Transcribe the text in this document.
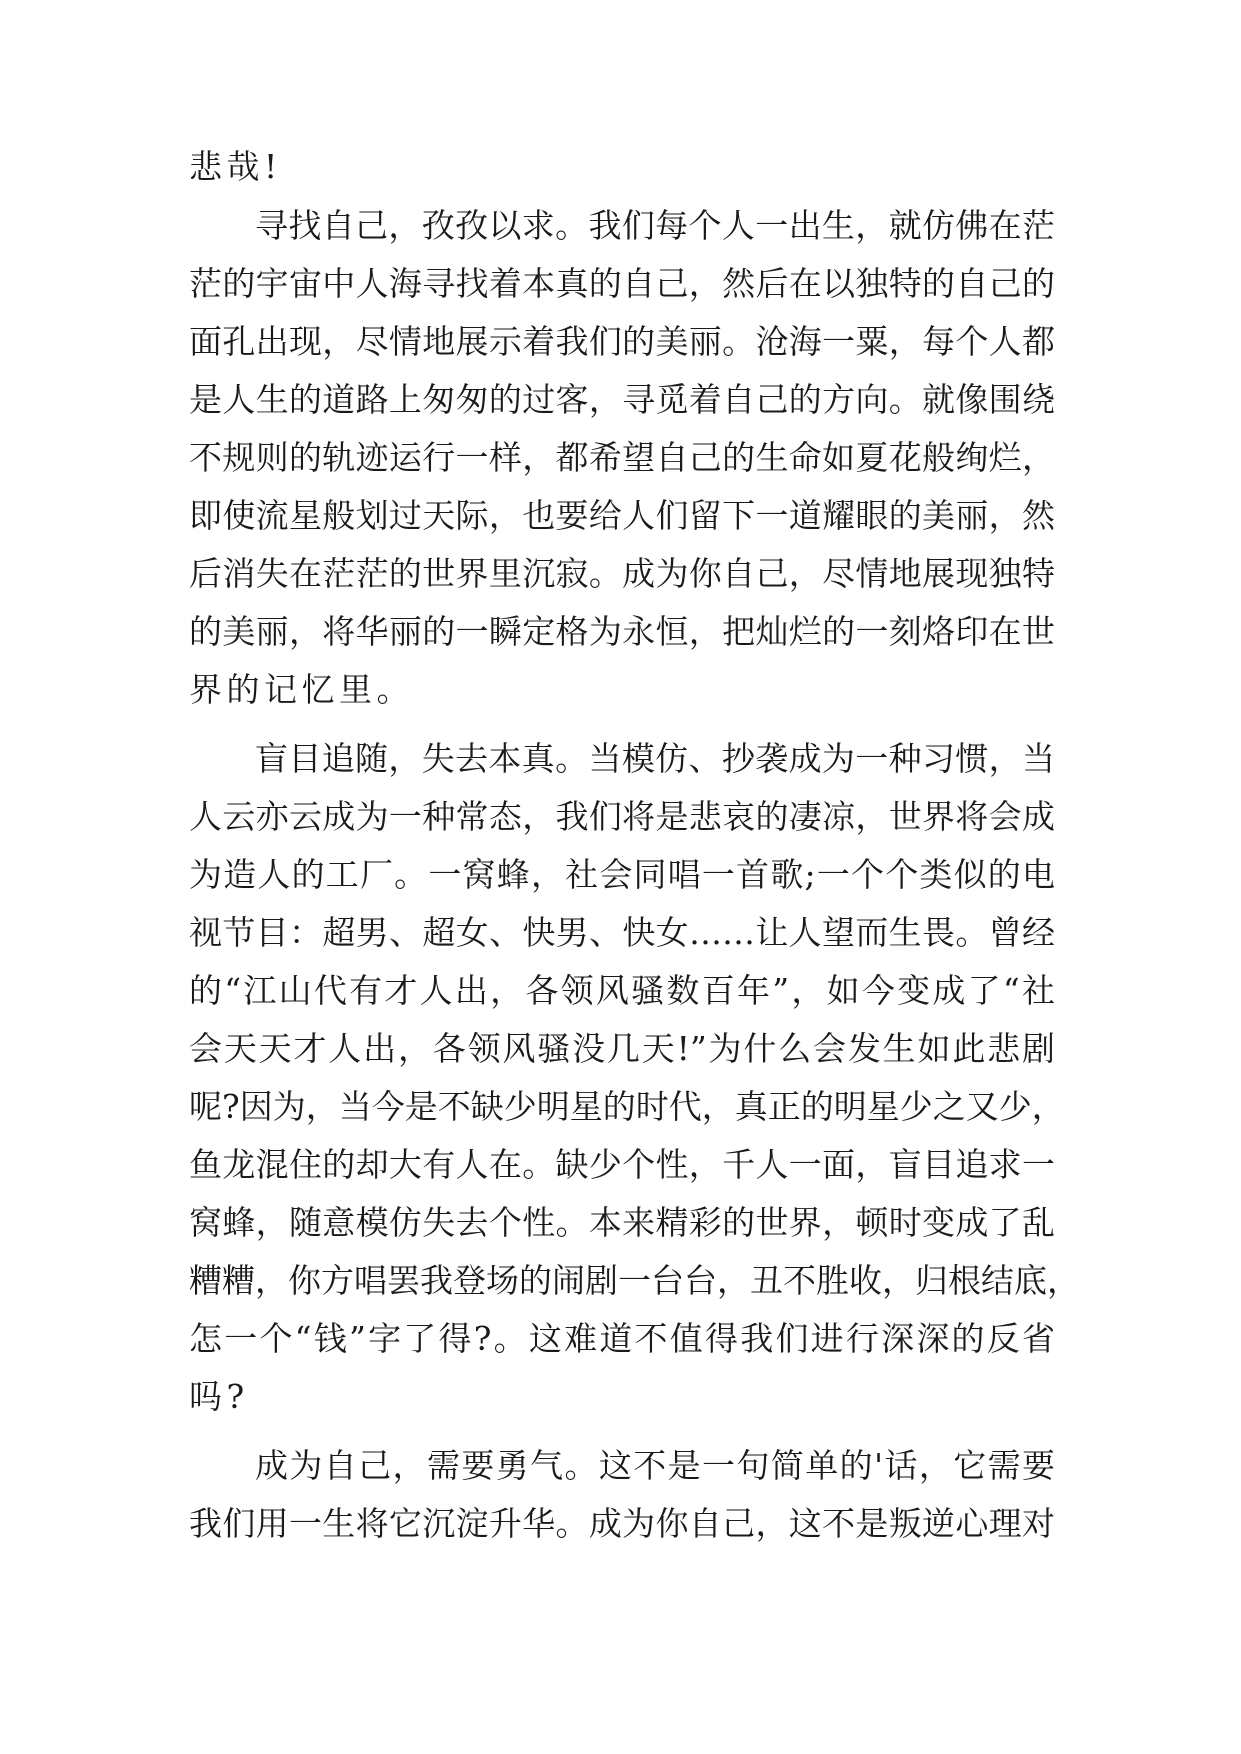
悲哉!
寻找自己，孜孜以求。我们每个人一出生，就仿佛在茫
茫的宇宙中人海寻找着本真的自己，然后在以独特的自己的
面孔出现，尽情地展示着我们的美丽。沧海一粟，每个人都
是人生的道路上匆匆的过客，寻觅着自己的方向。就像围绕
不规则的轨迹运行一样，都希望自己的生命如夏花般绚烂，
即使流星般划过天际，也要给人们留下一道耀眼的美丽，然
后消失在茫茫的世界里沉寂。成为你自己，尽情地展现独特
的美丽，将华丽的一瞬定格为永恒，把灿烂的一刻烙印在世
界的记忆里。
盲目追随，失去本真。当模仿、抄袭成为一种习惯，当
人云亦云成为一种常态，我们将是悲哀的凄凉，世界将会成
为造人的工厂。一窝蜂，社会同唱一首歌;一个个类似的电
视节目：超男、超女、快男、快女……让人望而生畏。曾经
的“江山代有才人出，各领风骚数百年”，如今变成了“社
会天天才人出，各领风骚没几天!”为什么会发生如此悲剧
呢?因为，当今是不缺少明星的时代，真正的明星少之又少，
鱼龙混住的却大有人在。缺少个性，千人一面，盲目追求一
窝蜂，随意模仿失去个性。本来精彩的世界，顿时变成了乱
糟糟，你方唱罢我登场的闹剧一台台，丑不胜收，归根结底，
怎一个“钱”字了得?。这难道不值得我们进行深深的反省
吗?
成为自己，需要勇气。这不是一句简单的'话，它需要
我们用一生将它沉淀升华。成为你自己，这不是叛逆心理对
